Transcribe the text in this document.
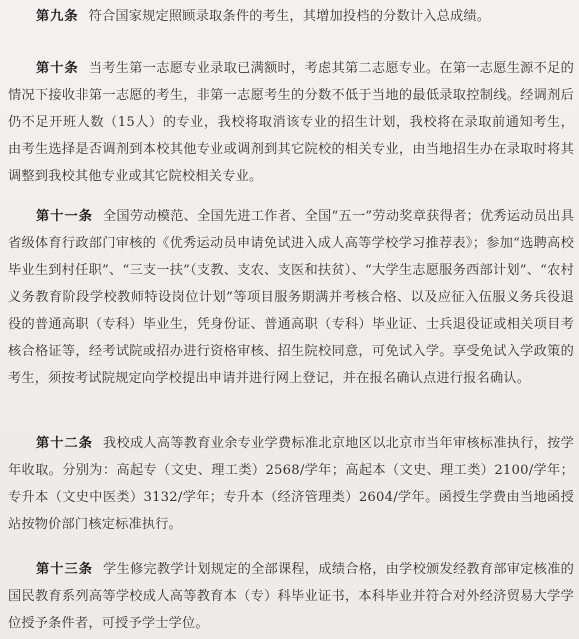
第九条 符合国家规定照顾录取条件的考生，其增加投档的分数计入总成绩。

第十条 当考生第一志愿专业录取已满额时，考虑其第二志愿专业。在第一志愿生源不足的情况下接收非第一志愿的考生，非第一志愿考生的分数不低于当地的最低录取控制线。经调剂后仍不足开班人数（15人）的专业，我校将取消该专业的招生计划，我校将在录取前通知考生，由考生选择是否调剂到本校其他专业或调剂到其它院校的相关专业，由当地招生办在录取时将其调整到我校其他专业或其它院校相关专业。

第十一条 全国劳动模范、全国先进工作者、全国“五一”劳动奖章获得者；优秀运动员出具省级体育行政部门审核的《优秀运动员申请免试进入成人高等学校学习推荐表》；参加“选聘高校毕业生到村任职”、“三支一扶”（支教、支农、支医和扶贫）、“大学生志愿服务西部计划”、“农村义务教育阶段学校教师特设岗位计划”等项目服务期满并考核合格、以及应征入伍服义务兵役退役的普通高职（专科）毕业生，凭身份证、普通高职（专科）毕业证、士兵退役证或相关项目考核合格证等，经考试院或招办进行资格审核、招生院校同意，可免试入学。享受免试入学政策的考生，须按考试院规定向学校提出申请并进行网上登记，并在报名确认点进行报名确认。

第十二条 我校成人高等教育业余专业学费标准北京地区以北京市当年审核标准执行，按学年收取。分别为：高起专（文史、理工类）2568/学年；高起本（文史、理工类）2100/学年；专升本（文史中医类）3132/学年；专升本（经济管理类）2604/学年。函授生学费由当地函授站按物价部门核定标准执行。

第十三条 学生修完教学计划规定的全部课程，成绩合格，由学校颁发经教育部审定核准的国民教育系列高等学校成人高等教育本（专）科毕业证书，本科毕业并符合对外经济贸易大学学位授予条件者，可授予学士学位。
